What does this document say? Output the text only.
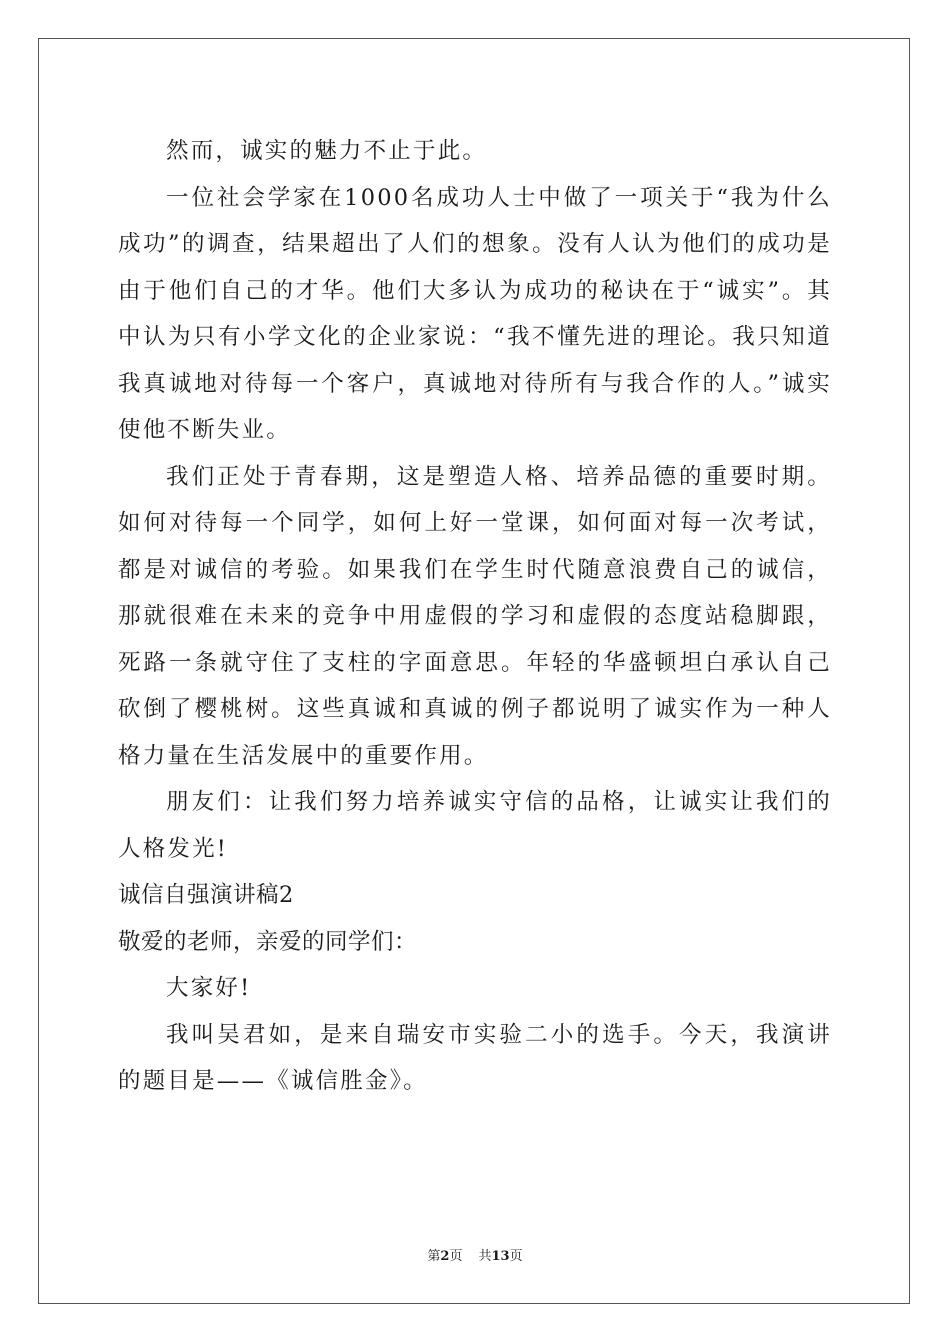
然而，诚实的魅力不止于此。

一位社会学家在1000名成功人士中做了一项关于“我为什么成功”的调查，结果超出了人们的想象。没有人认为他们的成功是由于他们自己的才华。他们大多认为成功的秘诀在于“诚实”。其中认为只有小学文化的企业家说：“我不懂先进的理论。我只知道我真诚地对待每一个客户，真诚地对待所有与我合作的人。”诚实使他不断失业。

我们正处于青春期，这是塑造人格、培养品德的重要时期。如何对待每一个同学，如何上好一堂课，如何面对每一次考试，都是对诚信的考验。如果我们在学生时代随意浪费自己的诚信，那就很难在未来的竞争中用虚假的学习和虚假的态度站稳脚跟，死路一条就守住了支柱的字面意思。年轻的华盛顿坦白承认自己砍倒了樱桃树。这些真诚和真诚的例子都说明了诚实作为一种人格力量在生活发展中的重要作用。

朋友们：让我们努力培养诚实守信的品格，让诚实让我们的人格发光!

诚信自强演讲稿2

敬爱的老师，亲爱的同学们：

大家好!

我叫吴君如，是来自瑞安市实验二小的选手。今天，我演讲的题目是——《诚信胜金》。

第2页 共13页
